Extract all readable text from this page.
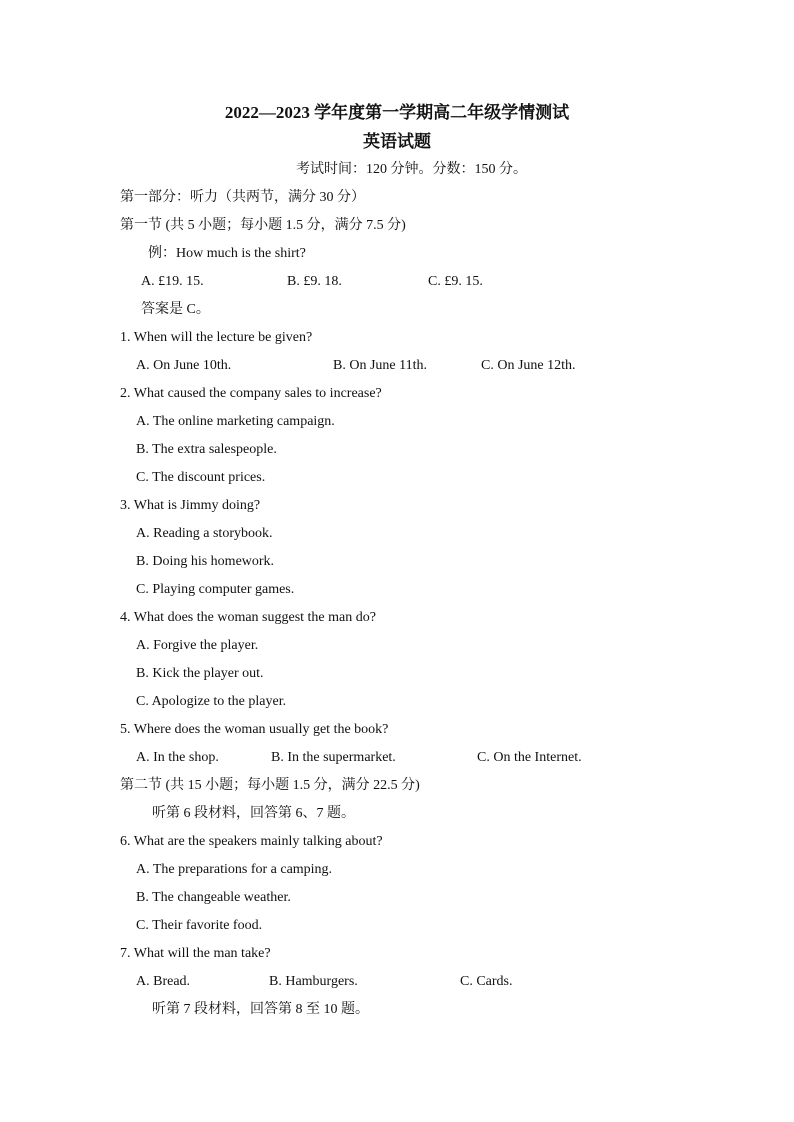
2022—2023 学年度第一学期高二年级学情测试
英语试题
考试时间：120 分钟。分数：150 分。
第一部分：听力（共两节，满分 30 分）
第一节 (共 5 小题；每小题 1.5 分，满分 7.5 分)
例：How much is the shirt?
A. £19. 15.	B. £9. 18.	C. £9. 15.
答案是 C。
1. When will the lecture be given?
A. On June 10th.	B. On June 11th.	C. On June 12th.
2. What caused the company sales to increase?
A. The online marketing campaign.
B. The extra salespeople.
C. The discount prices.
3. What is Jimmy doing?
A. Reading a storybook.
B. Doing his homework.
C. Playing computer games.
4. What does the woman suggest the man do?
A. Forgive the player.
B. Kick the player out.
C. Apologize to the player.
5. Where does the woman usually get the book?
A. In the shop.	B. In the supermarket.	C. On the Internet.
第二节 (共 15 小题；每小题 1.5 分，满分 22.5 分)
听第 6 段材料，回答第 6、7 题。
6. What are the speakers mainly talking about?
A. The preparations for a camping.
B. The changeable weather.
C. Their favorite food.
7. What will the man take?
A. Bread.	B. Hamburgers.	C. Cards.
听第 7 段材料，回答第 8 至 10 题。
